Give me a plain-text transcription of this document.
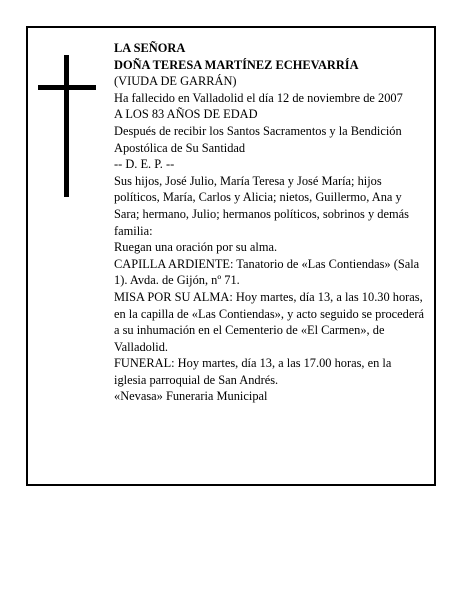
LA SEÑORA

DOÑA TERESA MARTÍNEZ ECHEVARRÍA

(VIUDA DE GARRÁN)

Ha fallecido en Valladolid el día 12 de noviembre de 2007

A LOS 83 AÑOS DE EDAD

Después de recibir los Santos Sacramentos y la Bendición Apostólica de Su Santidad

-- D. E. P. --

Sus hijos, José Julio, María Teresa y José María; hijos políticos, María, Carlos y Alicia; nietos, Guillermo, Ana y Sara; hermano, Julio; hermanos políticos, sobrinos y demás familia:

Ruegan una oración por su alma.

CAPILLA ARDIENTE: Tanatorio de «Las Contiendas» (Sala 1). Avda. de Gijón, nº 71.

MISA POR SU ALMA: Hoy martes, día 13, a las 10.30 horas, en la capilla de «Las Contiendas», y acto seguido se procederá a su inhumación en el Cementerio de «El Carmen», de Valladolid.

FUNERAL: Hoy martes, día 13, a las 17.00 horas, en la iglesia parroquial de San Andrés.

«Nevasa» Funeraria Municipal
